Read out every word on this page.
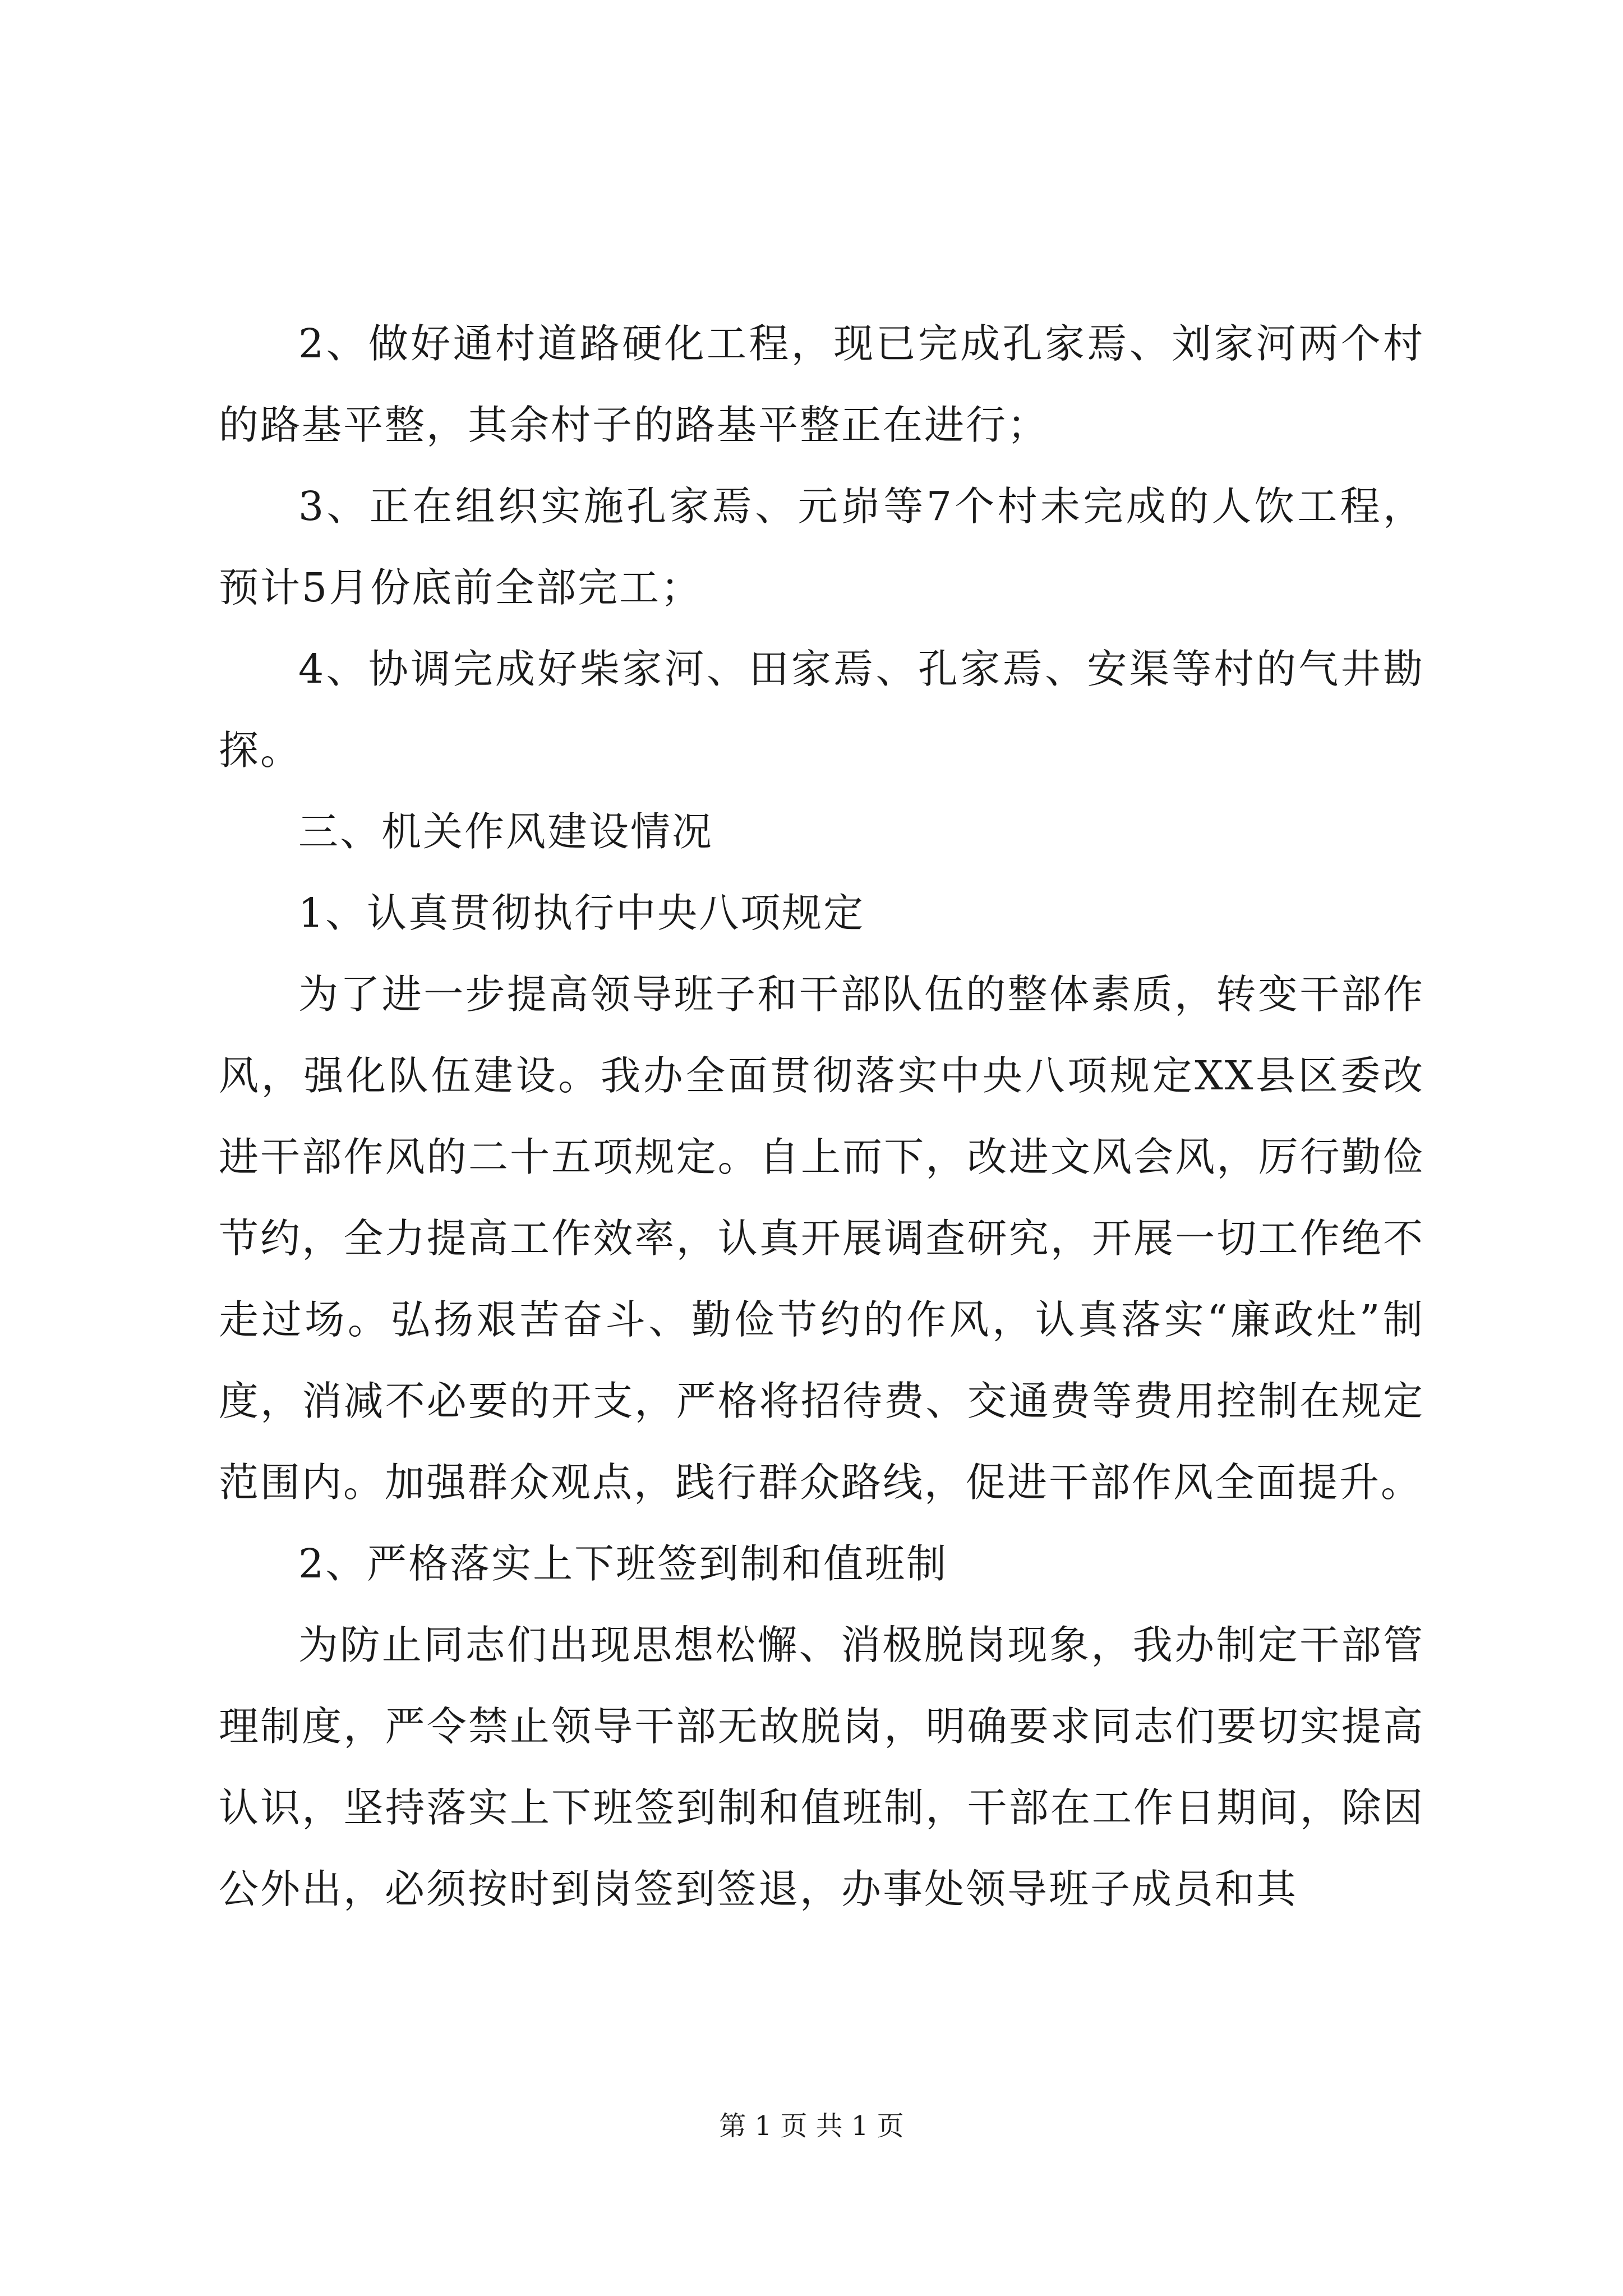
2、做好通村道路硬化工程，现已完成孔家焉、刘家河两个村的路基平整，其余村子的路基平整正在进行；

3、正在组织实施孔家焉、元峁等7个村未完成的人饮工程，预计5月份底前全部完工；

4、协调完成好柴家河、田家焉、孔家焉、安渠等村的气井勘探。

三、机关作风建设情况

1、认真贯彻执行中央八项规定

为了进一步提高领导班子和干部队伍的整体素质，转变干部作风，强化队伍建设。我办全面贯彻落实中央八项规定XX县区委改进干部作风的二十五项规定。自上而下，改进文风会风，厉行勤俭节约，全力提高工作效率，认真开展调查研究，开展一切工作绝不走过场。弘扬艰苦奋斗、勤俭节约的作风，认真落实“廉政灶”制度，消减不必要的开支，严格将招待费、交通费等费用控制在规定范围内。加强群众观点，践行群众路线，促进干部作风全面提升。

2、严格落实上下班签到制和值班制

为防止同志们出现思想松懈、消极脱岗现象，我办制定干部管理制度，严令禁止领导干部无故脱岗，明确要求同志们要切实提高认识，坚持落实上下班签到制和值班制，干部在工作日期间，除因公外出，必须按时到岗签到签退，办事处领导班子成员和其

第 1 页 共 1 页
